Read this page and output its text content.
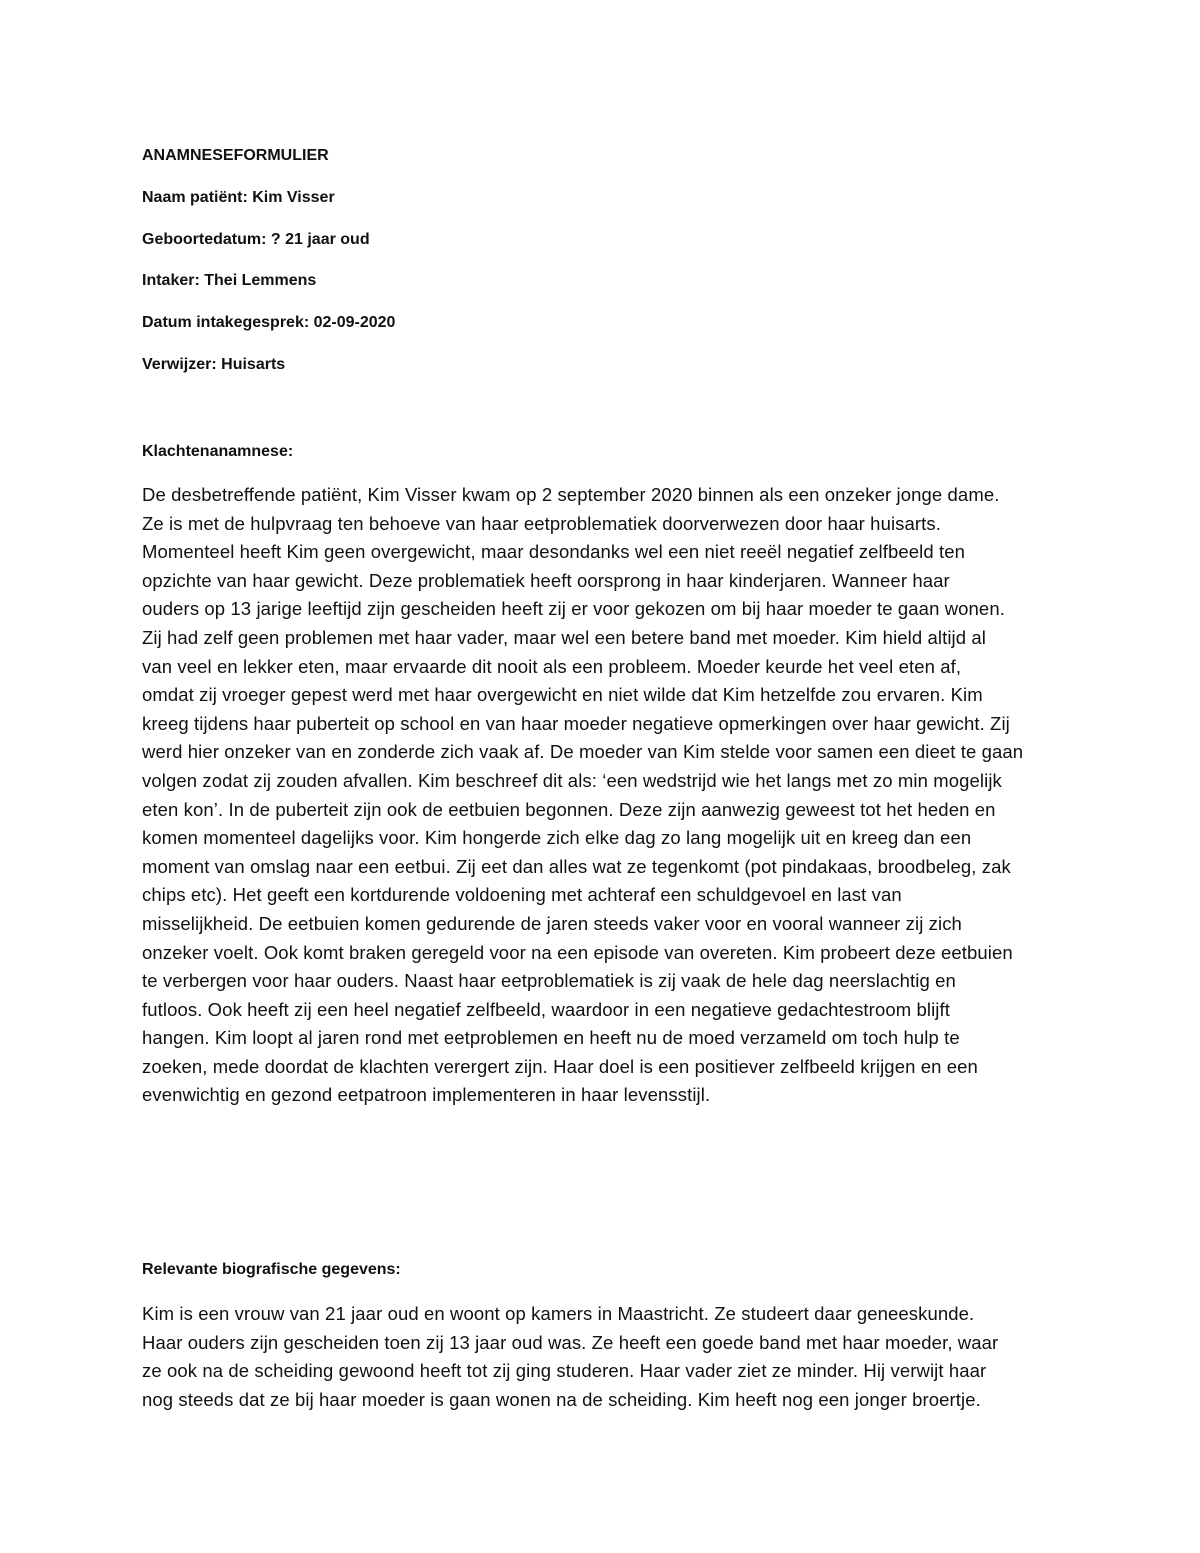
ANAMNESEFORMULIER

Naam patiënt: Kim Visser

Geboortedatum: ? 21 jaar oud

Intaker: Thei Lemmens

Datum intakegesprek: 02-09-2020

Verwijzer: Huisarts

Klachtenanamnese:

De desbetreffende patiënt, Kim Visser kwam op 2 september 2020 binnen als een onzeker jonge dame.
Ze is met de hulpvraag ten behoeve van haar eetproblematiek doorverwezen door haar huisarts.
Momenteel heeft Kim geen overgewicht, maar desondanks wel een niet reeël negatief zelfbeeld ten
opzichte van haar gewicht. Deze problematiek heeft oorsprong in haar kinderjaren. Wanneer haar
ouders op 13 jarige leeftijd zijn gescheiden heeft zij er voor gekozen om bij haar moeder te gaan wonen.
Zij had zelf geen problemen met haar vader, maar wel een betere band met moeder. Kim hield altijd al
van veel en lekker eten, maar ervaarde dit nooit als een probleem. Moeder keurde het veel eten af,
omdat zij vroeger gepest werd met haar overgewicht en niet wilde dat Kim hetzelfde zou ervaren. Kim
kreeg tijdens haar puberteit op school en van haar moeder negatieve opmerkingen over haar gewicht. Zij
werd hier onzeker van en zonderde zich vaak af. De moeder van Kim stelde voor samen een dieet te gaan
volgen zodat zij zouden afvallen. Kim beschreef dit als: ‘een wedstrijd wie het langs met zo min mogelijk
eten kon’. In de puberteit zijn ook de eetbuien begonnen. Deze zijn aanwezig geweest tot het heden en
komen momenteel dagelijks voor. Kim hongerde zich elke dag zo lang mogelijk uit en kreeg dan een
moment van omslag naar een eetbui. Zij eet dan alles wat ze tegenkomt (pot pindakaas, broodbeleg, zak
chips etc). Het geeft een kortdurende voldoening met achteraf een schuldgevoel en last van
misselijkheid. De eetbuien komen gedurende de jaren steeds vaker voor en vooral wanneer zij zich
onzeker voelt. Ook komt braken geregeld voor na een episode van overeten. Kim probeert deze eetbuien
te verbergen voor haar ouders. Naast haar eetproblematiek is zij vaak de hele dag neerslachtig en
futloos. Ook heeft zij een heel negatief zelfbeeld, waardoor in een negatieve gedachtestroom blijft
hangen. Kim loopt al jaren rond met eetproblemen en heeft nu de moed verzameld om toch hulp te
zoeken, mede doordat de klachten verergert zijn. Haar doel is een positiever zelfbeeld krijgen en een
evenwichtig en gezond eetpatroon implementeren in haar levensstijl.

Relevante biografische gegevens:

Kim is een vrouw van 21 jaar oud en woont op kamers in Maastricht. Ze studeert daar geneeskunde.
Haar ouders zijn gescheiden toen zij 13 jaar oud was. Ze heeft een goede band met haar moeder, waar
ze ook na de scheiding gewoond heeft tot zij ging studeren. Haar vader ziet ze minder. Hij verwijt haar
nog steeds dat ze bij haar moeder is gaan wonen na de scheiding. Kim heeft nog een jonger broertje.
